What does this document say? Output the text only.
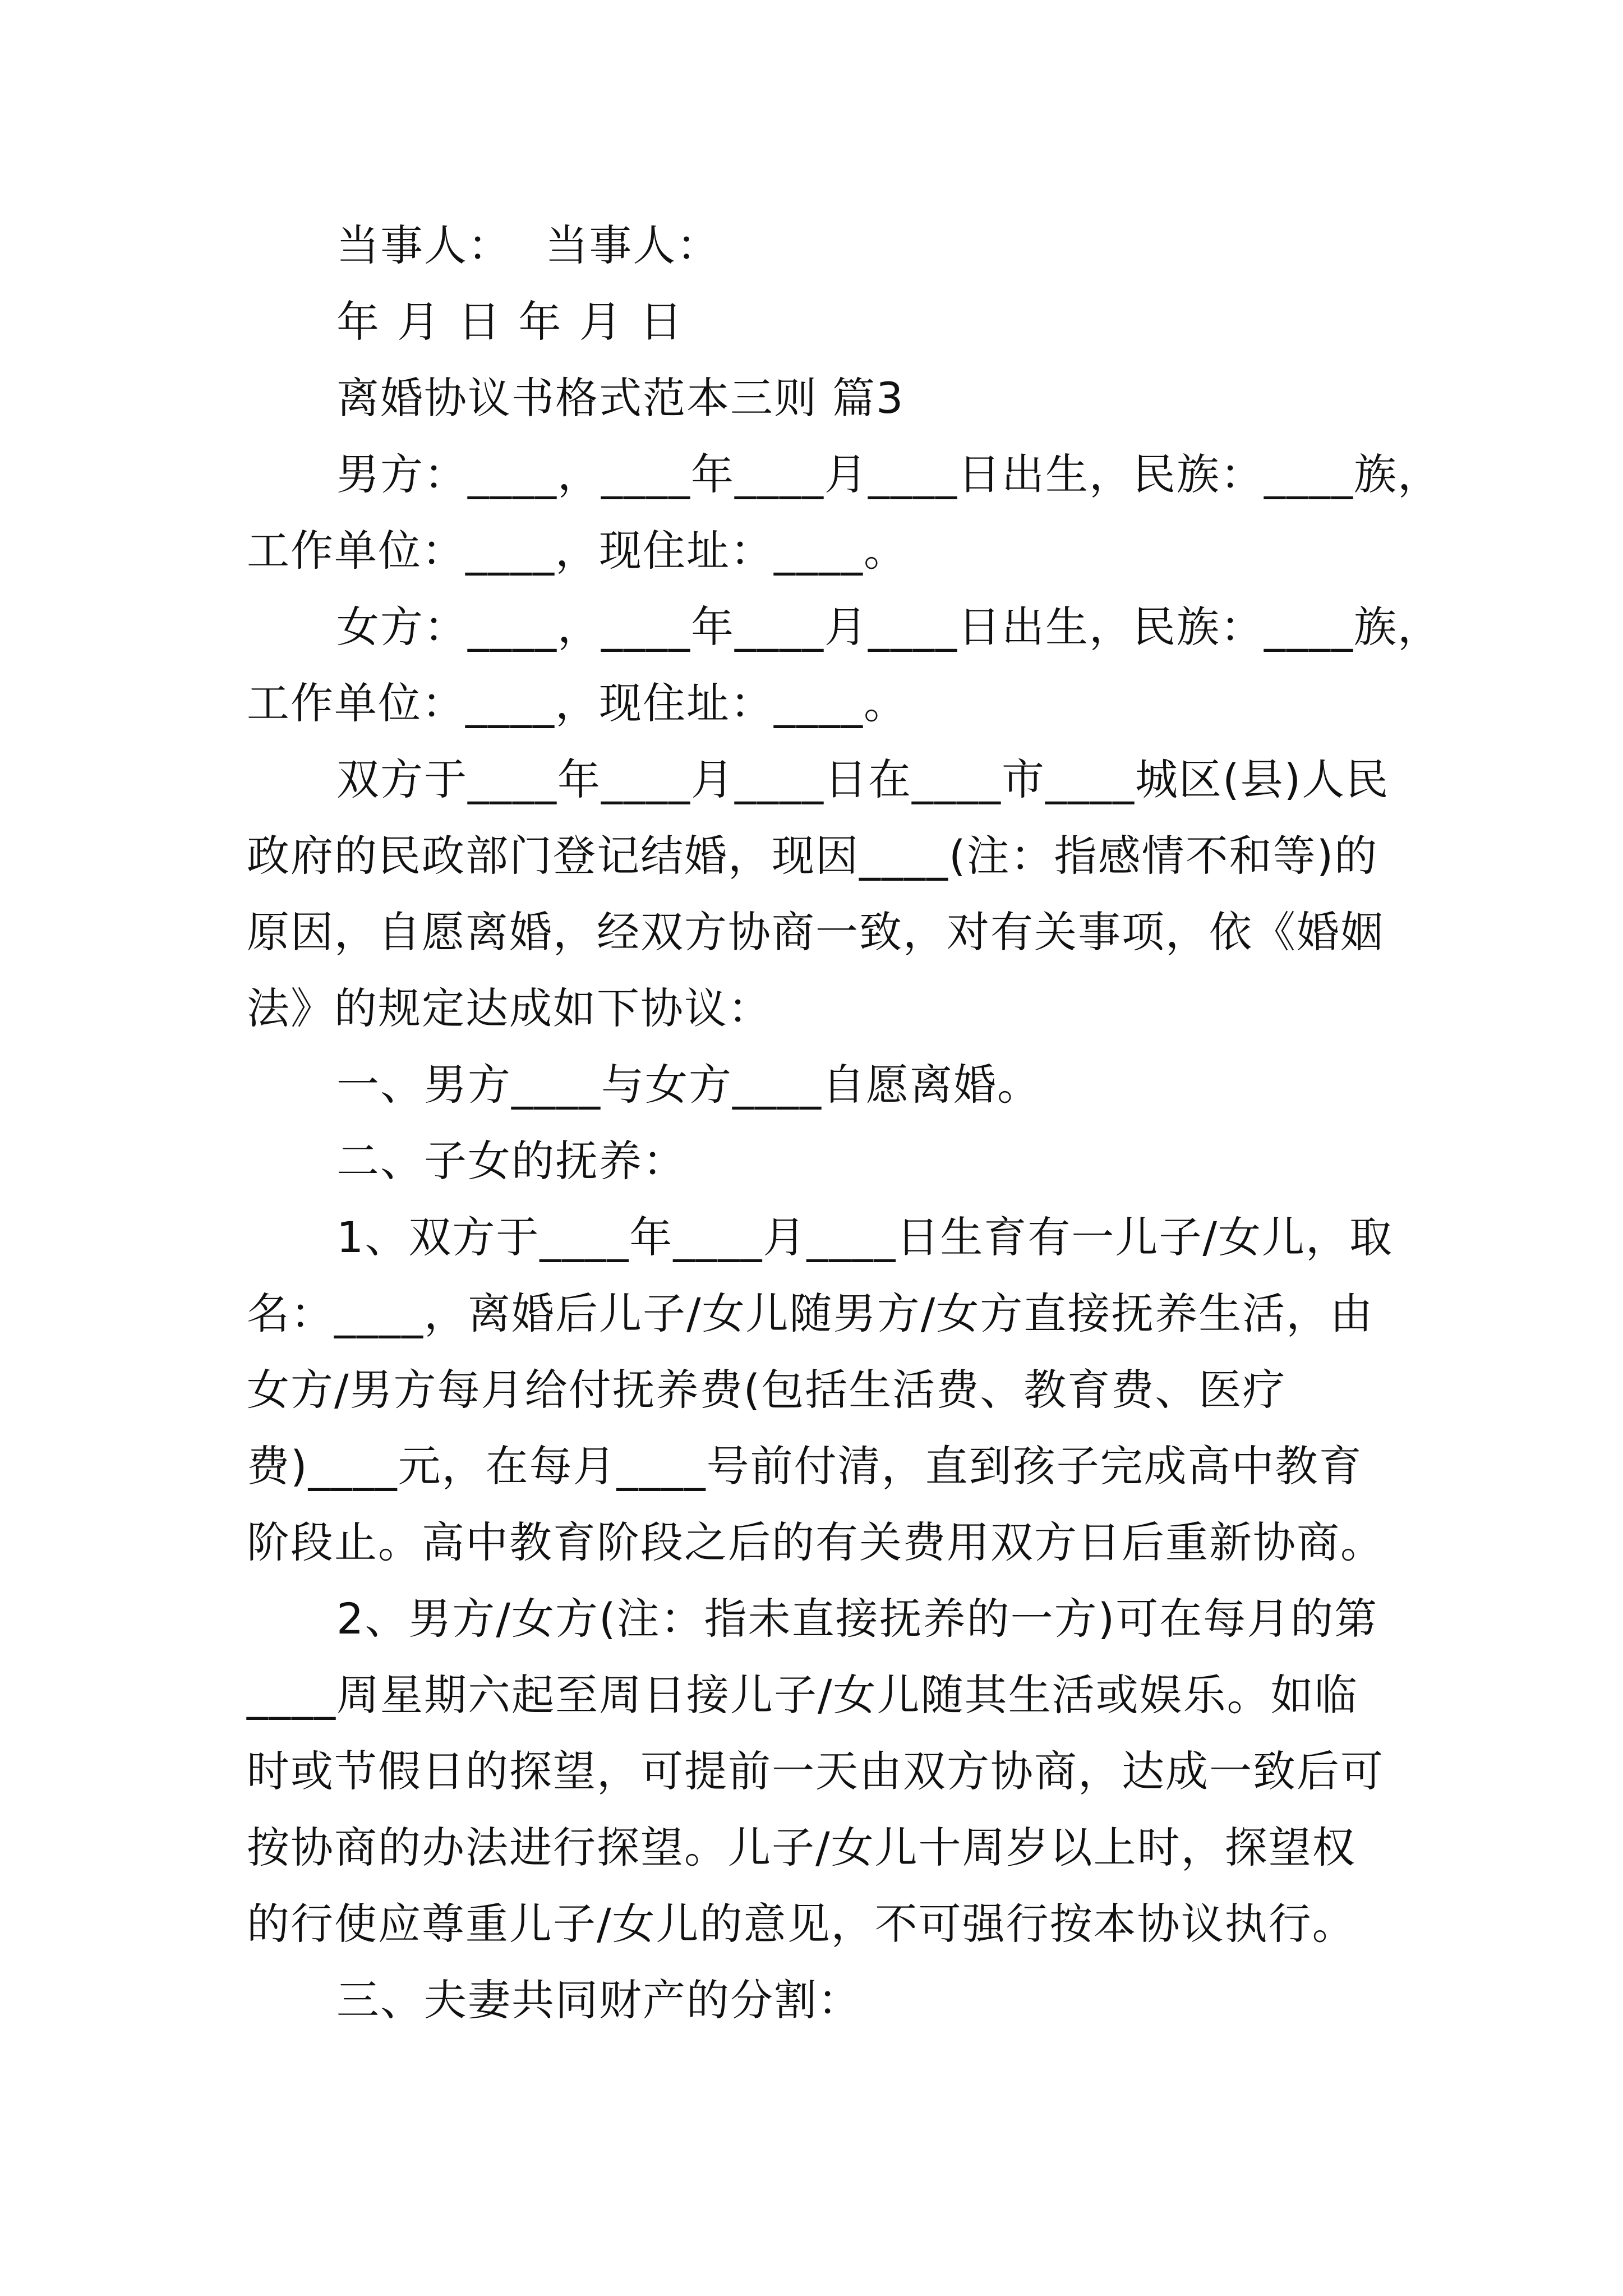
当事人：  当事人：
年 月 日 年 月 日
离婚协议书格式范本三则 篇3
男方：____，____年____月____日出生，民族：____族，
工作单位：____，现住址：____。
女方：____，____年____月____日出生，民族：____族，
工作单位：____，现住址：____。
双方于____年____月____日在____市____城区(县)人民
政府的民政部门登记结婚，现因____(注：指感情不和等)的
原因，自愿离婚，经双方协商一致，对有关事项，依《婚姻
法》的规定达成如下协议：
一、男方____与女方____自愿离婚。
二、子女的抚养：
1、双方于____年____月____日生育有一儿子/女儿，取
名：____，离婚后儿子/女儿随男方/女方直接抚养生活，由
女方/男方每月给付抚养费(包括生活费、教育费、医疗
费)____元，在每月____号前付清，直到孩子完成高中教育
阶段止。高中教育阶段之后的有关费用双方日后重新协商。
2、男方/女方(注：指未直接抚养的一方)可在每月的第
____周星期六起至周日接儿子/女儿随其生活或娱乐。如临
时或节假日的探望，可提前一天由双方协商，达成一致后可
按协商的办法进行探望。儿子/女儿十周岁以上时，探望权
的行使应尊重儿子/女儿的意见，不可强行按本协议执行。
三、夫妻共同财产的分割：
